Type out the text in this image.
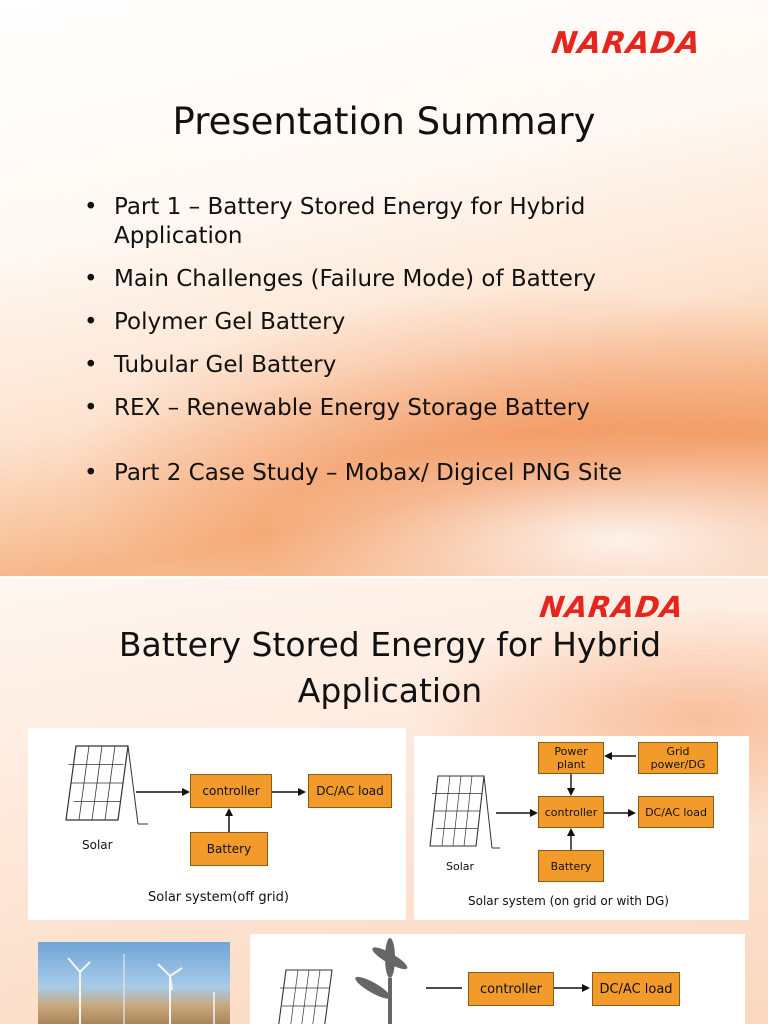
NARADA
Presentation Summary
• Part 1 – Battery Stored Energy for Hybrid Application
• Main Challenges (Failure Mode) of Battery
• Polymer Gel Battery
• Tubular Gel Battery
• REX – Renewable Energy Storage Battery
• Part 2 Case Study – Mobax/ Digicel PNG Site
NARADA
Battery Stored Energy for Hybrid Application
controller	DC/AC load
Battery
Solar
Solar system(off grid)
Power plant
Grid power/DG
controller	DC/AC load
Battery
Solar
Solar system (on grid or with DG)
controller	DC/AC load
